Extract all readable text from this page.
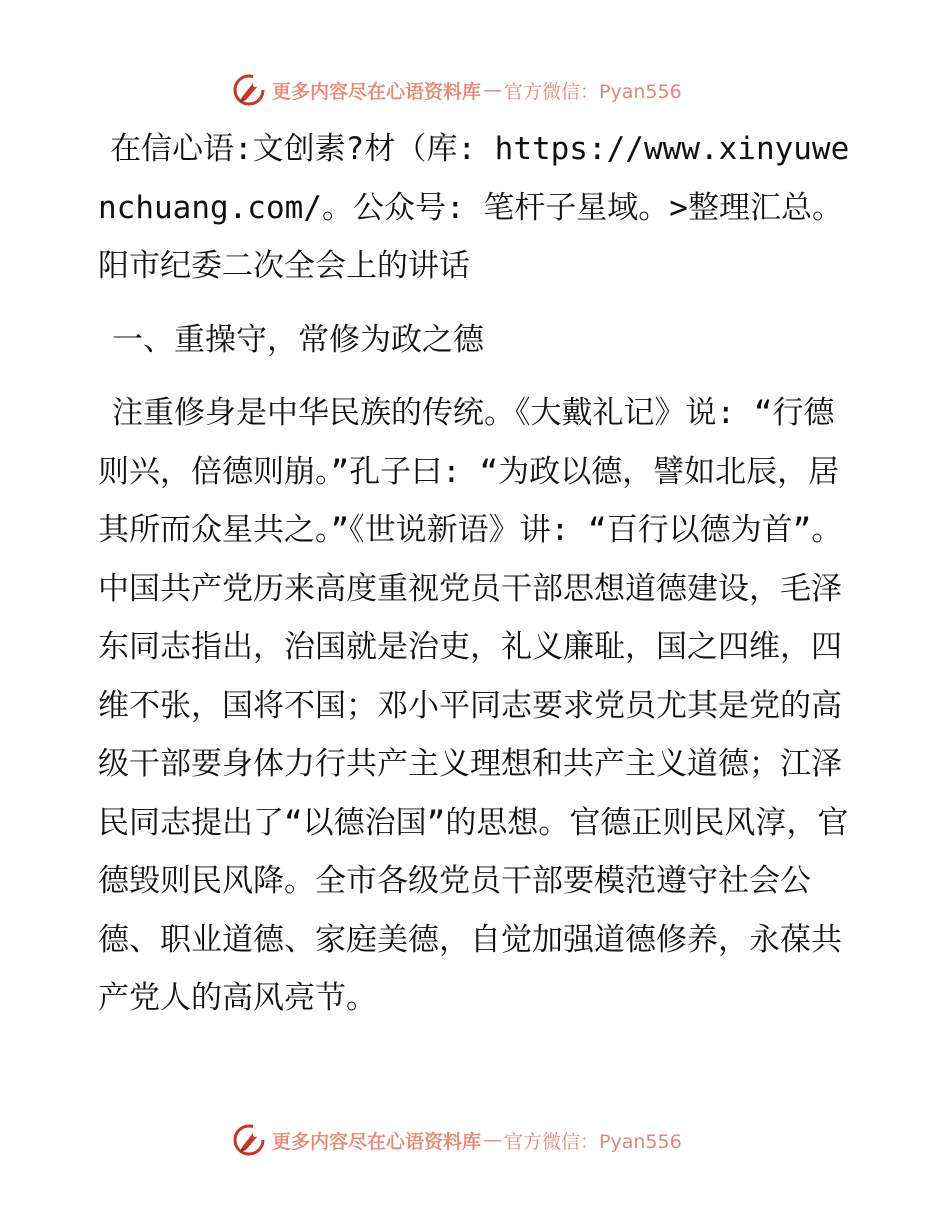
更多内容尽在心语资料库 — 官方微信：Pyan556

在信心语:文创素?材（库: https://www.xinyuwenchuang.com/。公众号: 笔杆子星域。>整理汇总。阳市纪委二次全会上的讲话

一、重操守，常修为政之德

注重修身是中华民族的传统。《大戴礼记》说: “行德则兴，倍德则崩。”孔子曰: “为政以德，譬如北辰，居其所而众星共之。”《世说新语》讲: “百行以德为首”。中国共产党历来高度重视党员干部思想道德建设，毛泽东同志指出，治国就是治吏，礼义廉耻，国之四维，四维不张，国将不国；邓小平同志要求党员尤其是党的高级干部要身体力行共产主义理想和共产主义道德；江泽民同志提出了“以德治国”的思想。官德正则民风淳，官德毁则民风降。全市各级党员干部要模范遵守社会公德、职业道德、家庭美德，自觉加强道德修养，永葆共产党人的高风亮节。

更多内容尽在心语资料库 — 官方微信：Pyan556
